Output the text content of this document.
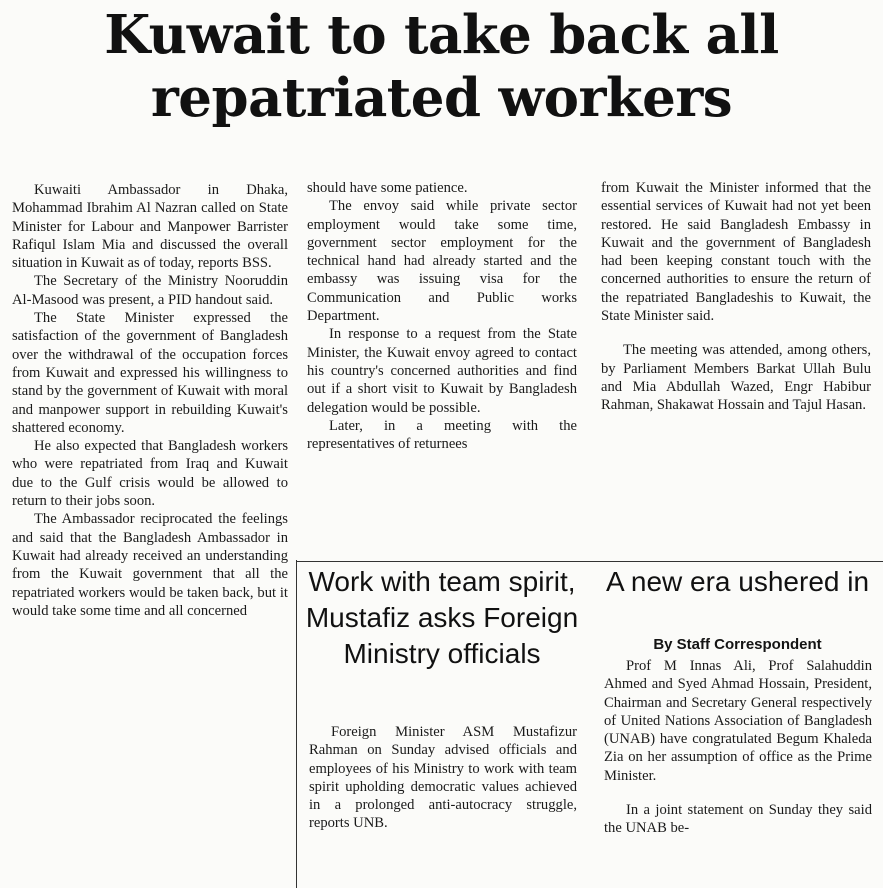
Kuwait to take back all
repatriated workers

Kuwaiti Ambassador in Dhaka, Mohammad Ibrahim Al Nazran called on State Minister for Labour and Manpower Barrister Rafiqul Islam Mia and discussed the overall situation in Kuwait as of today, reports BSS.

The Secretary of the Ministry Nooruddin Al-Masood was present, a PID handout said.

The State Minister expressed the satisfaction of the government of Bangladesh over the withdrawal of the occupation forces from Kuwait and expressed his willingness to stand by the government of Kuwait with moral and manpower support in rebuilding Kuwait's shattered economy.

He also expected that Bangladesh workers who were repatriated from Iraq and Kuwait due to the Gulf crisis would be allowed to return to their jobs soon.

The Ambassador reciprocated the feelings and said that the Bangladesh Ambassador in Kuwait had already received an understanding from the Kuwait government that all the repatriated workers would be taken back, but it would take some time and all concerned

should have some patience.

The envoy said while private sector employment would take some time, government sector employment for the technical hand had already started and the embassy was issuing visa for the Communication and Public works Department.

In response to a request from the State Minister, the Kuwait envoy agreed to contact his country's concerned authorities and find out if a short visit to Kuwait by Bangladesh delegation would be possible.

Later, in a meeting with the representatives of returnees

from Kuwait the Minister informed that the essential services of Kuwait had not yet been restored. He said Bangladesh Embassy in Kuwait and the government of Bangladesh had been keeping constant touch with the concerned authorities to ensure the return of the repatriated Bangladeshis to Kuwait, the State Minister said.

The meeting was attended, among others, by Parliament Members Barkat Ullah Bulu and Mia Abdullah Wazed, Engr Habibur Rahman, Shakawat Hossain and Tajul Hasan.

Work with team spirit, Mustafiz asks Foreign Ministry officials

Foreign Minister ASM Mustafizur Rahman on Sunday advised officials and employees of his Ministry to work with team spirit upholding democratic values achieved in a prolonged anti-autocracy struggle, reports UNB.

A new era ushered in
By Staff Correspondent

Prof M Innas Ali, Prof Salahuddin Ahmed and Syed Ahmad Hossain, President, Chairman and Secretary General respectively of United Nations Association of Bangladesh (UNAB) have congratulated Begum Khaleda Zia on her assumption of office as the Prime Minister.

In a joint statement on Sunday they said the UNAB be-
